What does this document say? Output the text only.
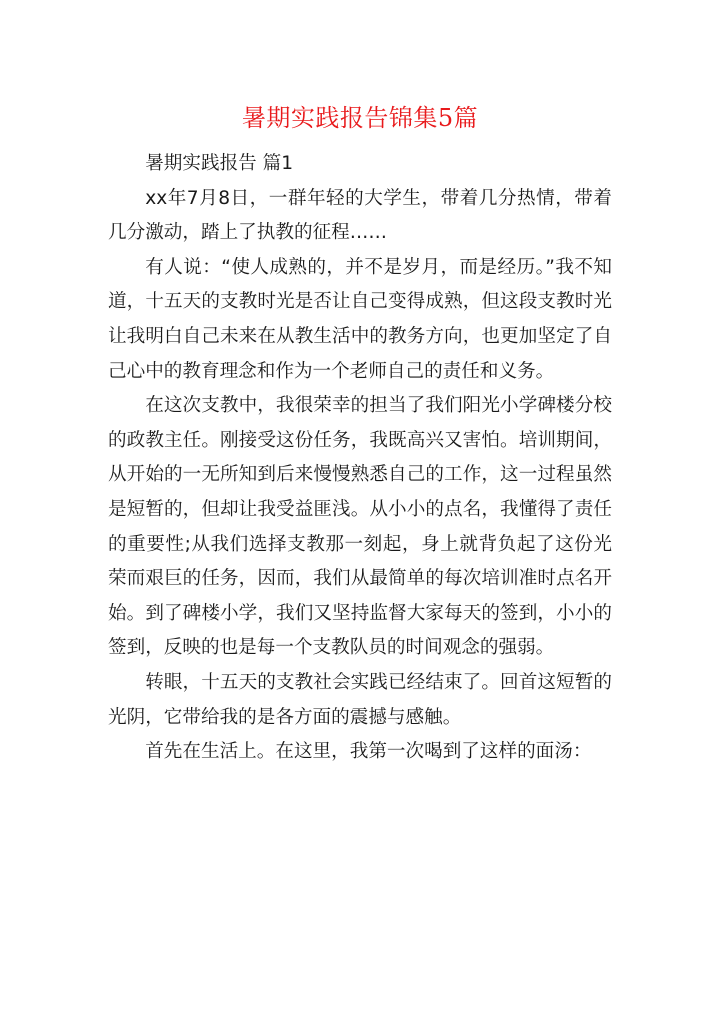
暑期实践报告锦集5篇

暑期实践报告 篇1

xx年7月8日，一群年轻的大学生，带着几分热情，带着几分激动，踏上了执教的征程……

有人说：“使人成熟的，并不是岁月，而是经历。”我不知道，十五天的支教时光是否让自己变得成熟，但这段支教时光让我明白自己未来在从教生活中的教务方向，也更加坚定了自己心中的教育理念和作为一个老师自己的责任和义务。

在这次支教中，我很荣幸的担当了我们阳光小学碑楼分校的政教主任。刚接受这份任务，我既高兴又害怕。培训期间，从开始的一无所知到后来慢慢熟悉自己的工作，这一过程虽然是短暂的，但却让我受益匪浅。从小小的点名，我懂得了责任的重要性;从我们选择支教那一刻起，身上就背负起了这份光荣而艰巨的任务，因而，我们从最简单的每次培训准时点名开始。到了碑楼小学，我们又坚持监督大家每天的签到，小小的签到，反映的也是每一个支教队员的时间观念的强弱。

转眼，十五天的支教社会实践已经结束了。回首这短暂的光阴，它带给我的是各方面的震撼与感触。

首先在生活上。在这里，我第一次喝到了这样的面汤：
